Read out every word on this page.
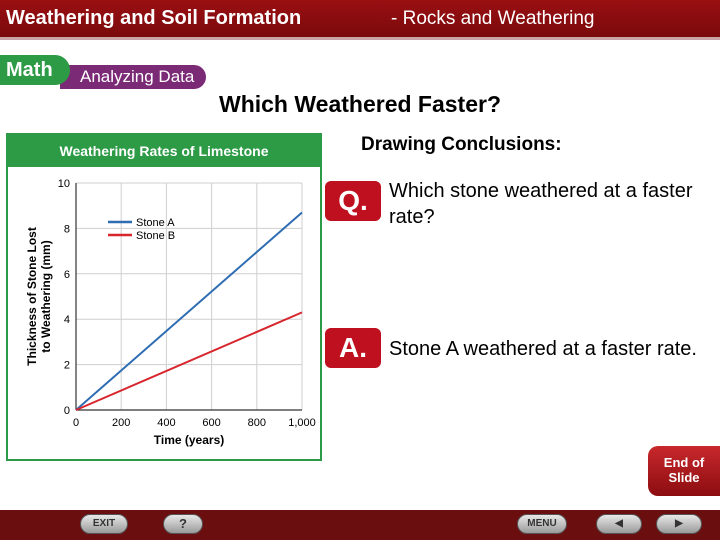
Weathering and Soil Formation	- Rocks and Weathering
Analyzing Data
Math
Which Weathered Faster?
Weathering Rates of Limestone
0	200 400 600 800 1,000
0
2
4
6
8
10
Stone A
Stone B
Time (years)
Thickness of Stone Lost to Weathering (mm)
Drawing Conclusions:
Q.	Which stone weathered at a faster rate?
A.	Stone A weathered at a faster rate.
End of
Slide
EXIT	?	MENU	◀	▶
